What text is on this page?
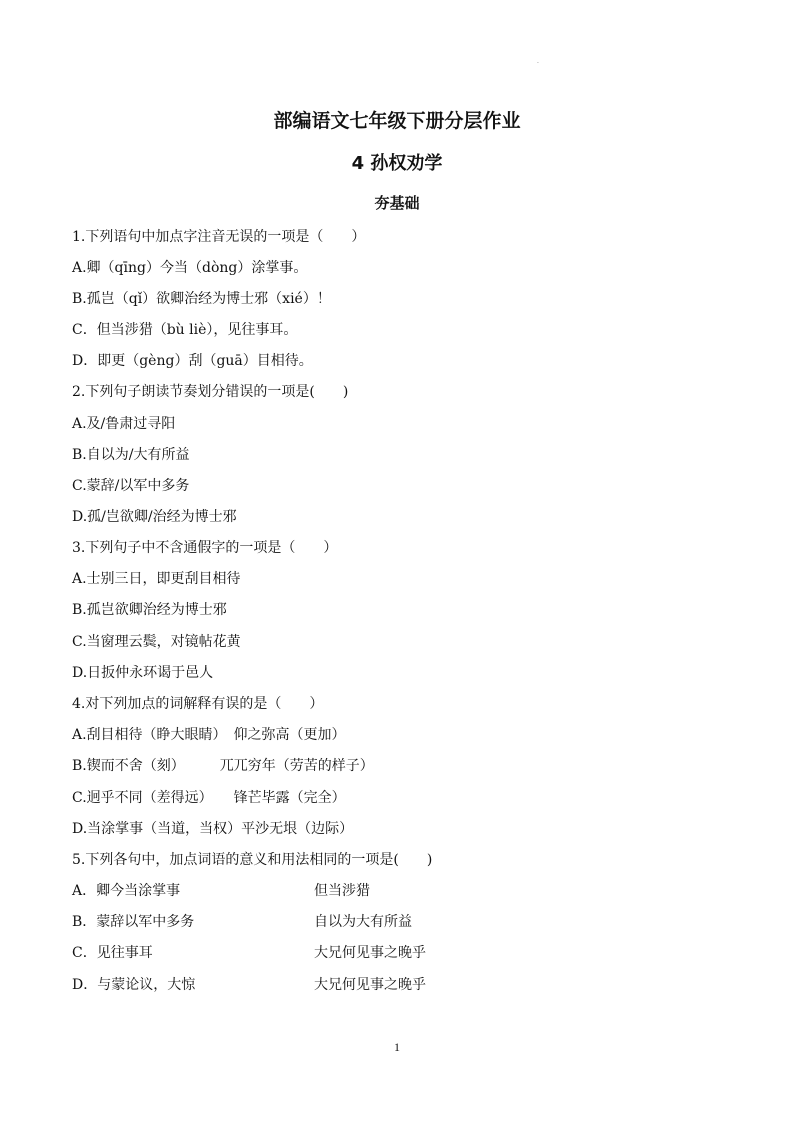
·
部编语文七年级下册分层作业
4 孙权劝学
夯基础
1.下列语句中加点字注音无误的一项是（　　）
A.卿（qīng）今当（dòng）涂掌事。
B.孤岂（qǐ）欲卿治经为博士邪（xié）！
C．但当涉猎（bù liè），见往事耳。
D．即更（gèng）刮（guā）目相待。
2.下列句子朗读节奏划分错误的一项是(　　)
A.及/鲁肃过寻阳
B.自以为/大有所益
C.蒙辞/以军中多务
D.孤/岂欲卿/治经为博士邪
3.下列句子中不含通假字的一项是（　　）
A.士别三日，即更刮目相待
B.孤岂欲卿治经为博士邪
C.当窗理云鬓，对镜帖花黄
D.日扳仲永环谒于邑人
4.对下列加点的词解释有误的是（　　）
A.刮目相待（睁大眼睛）　仰之弥高（更加）
B.锲而不舍（刻）　　　兀兀穷年（劳苦的样子）
C.迥乎不同（差得远）　　锋芒毕露（完全）
D.当涂掌事（当道，当权）平沙无垠（边际）
5.下列各句中，加点词语的意义和用法相同的一项是(　　)
A．卿今当涂掌事	但当涉猎
B．蒙辞以军中多务	自以为大有所益
C．见往事耳	大兄何见事之晚乎
D．与蒙论议，大惊	大兄何见事之晚乎
1
